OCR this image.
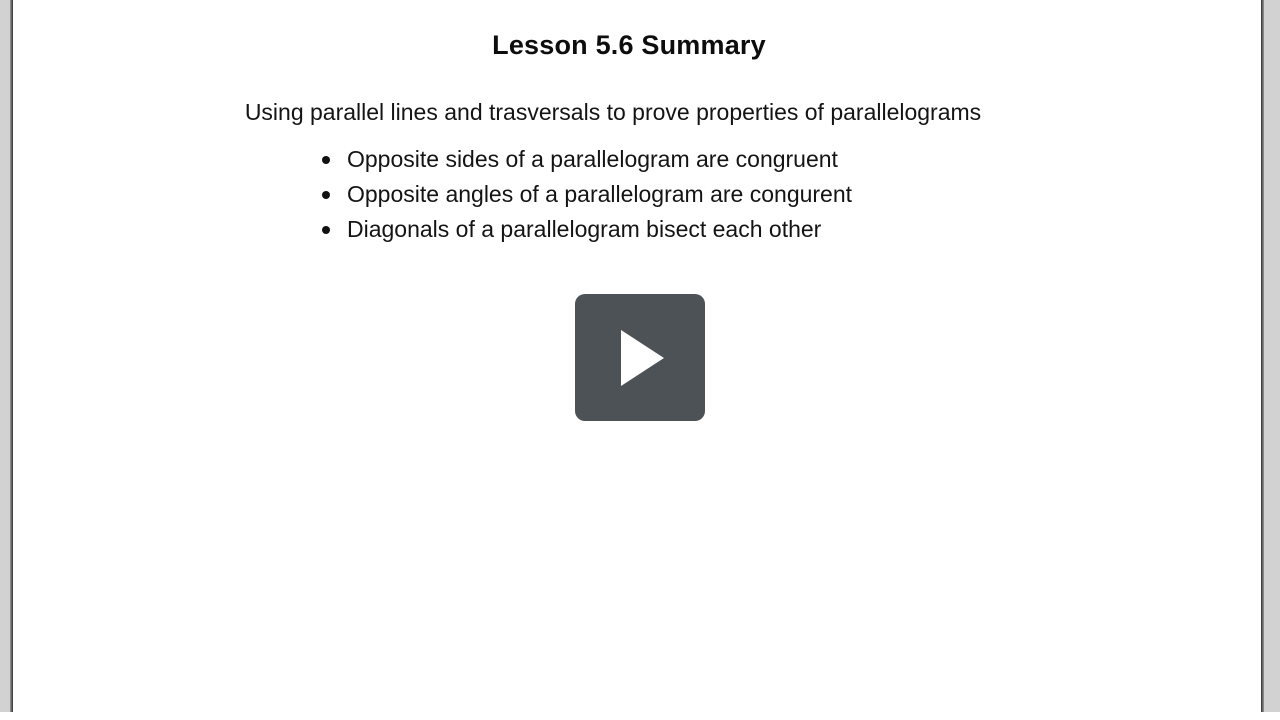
Lesson 5.6 Summary

Using parallel lines and trasversals to prove properties of parallelograms

Opposite sides of a parallelogram are congruent
Opposite angles of a parallelogram are congurent
Diagonals of a parallelogram bisect each other
